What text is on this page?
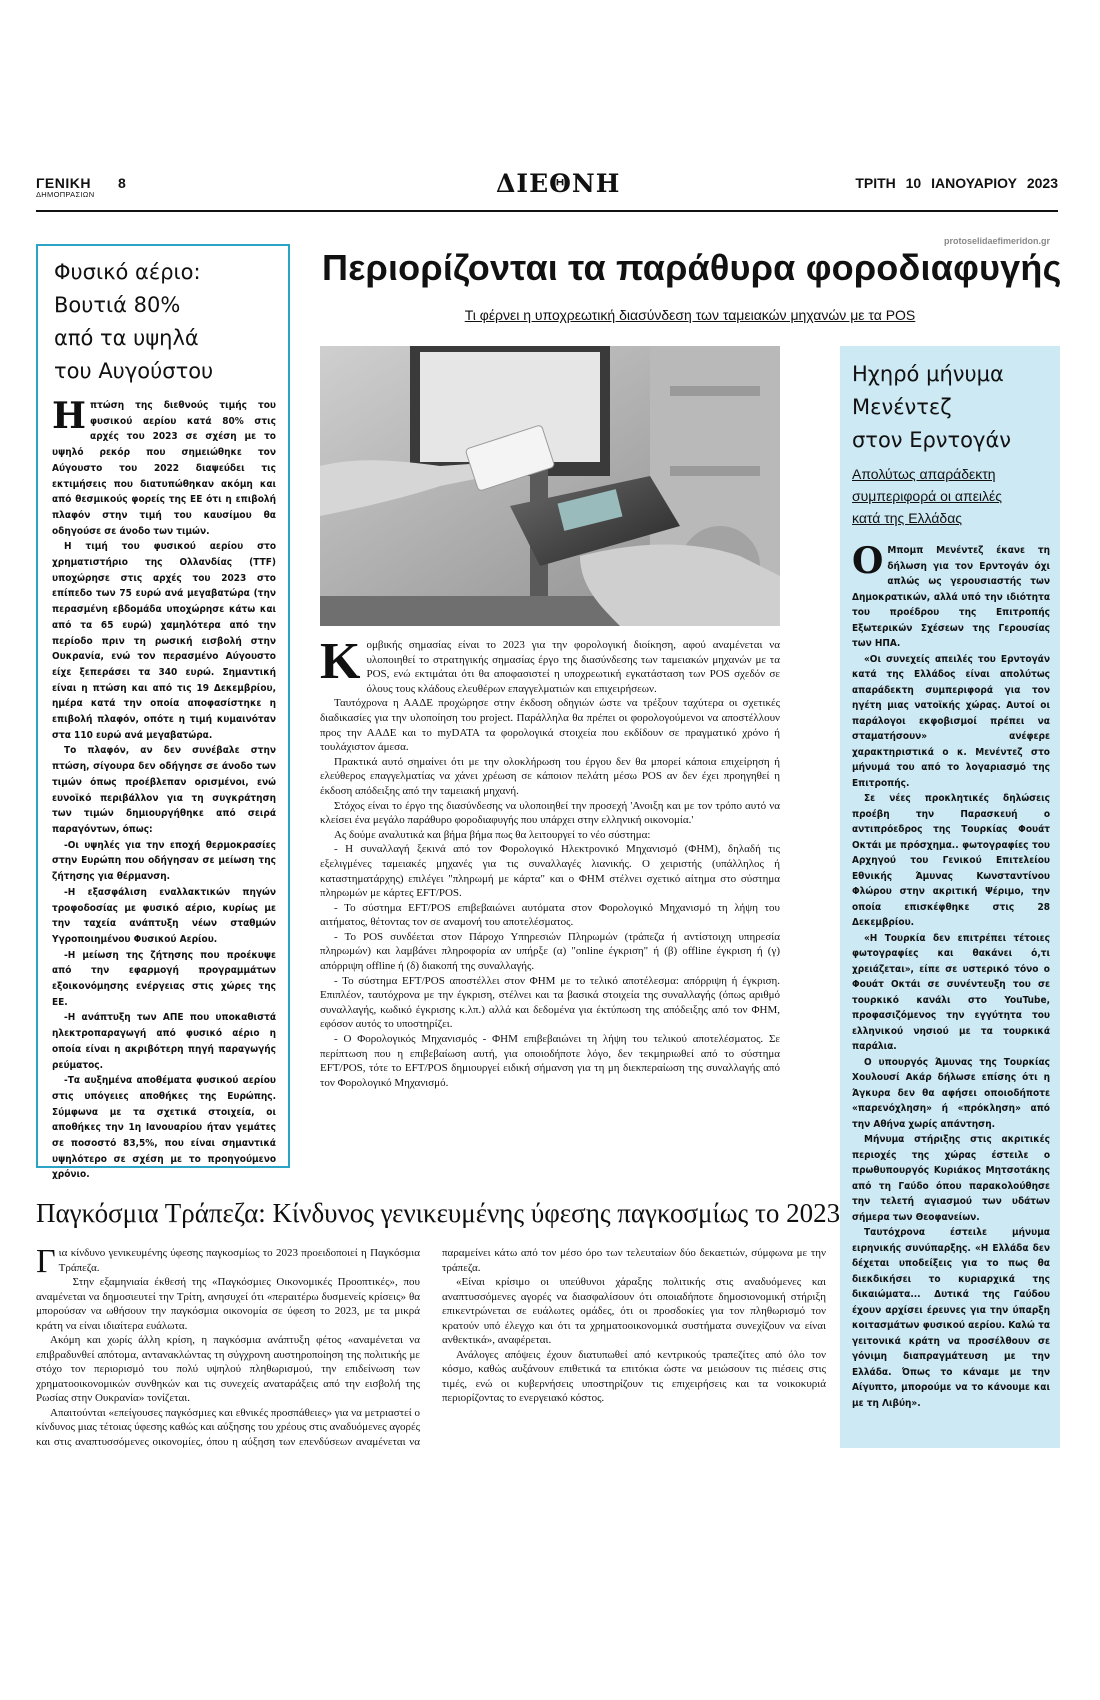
ΓΕΝΙΚΗ
ΔΗΜΟΠΡΑΣΙΩΝ
8	ΔΙΕΘΝΗ	ΤΡΙΤΗ 10 ΙΑΝΟΥΑΡΙΟΥ 2023
Φυσικό αέριο:
Βουτιά 80%
από τα υψηλά
του Αυγούστου

Η πτώση της διεθνούς τιμής του φυσικού αερίου κατά 80% στις αρχές του 2023 σε σχέση με το υψηλό ρεκόρ που σημειώθηκε τον Αύγουστο του 2022 διαψεύδει τις εκτιμήσεις που διατυπώθηκαν ακόμη και από θεσμικούς φορείς της ΕΕ ότι η επιβολή πλαφόν στην τιμή του καυσίμου θα οδηγούσε σε άνοδο των τιμών.

Η τιμή του φυσικού αερίου στο χρηματιστήριο της Ολλανδίας (TTF) υποχώρησε στις αρχές του 2023 στο επίπεδο των 75 ευρώ ανά μεγαβατώρα (την περασμένη εβδομάδα υποχώρησε κάτω και από τα 65 ευρώ) χαμηλότερα από την περίοδο πριν τη ρωσική εισβολή στην Ουκρανία, ενώ τον περασμένο Αύγουστο είχε ξεπεράσει τα 340 ευρώ. Σημαντική είναι η πτώση και από τις 19 Δεκεμβρίου, ημέρα κατά την οποία αποφασίστηκε η επιβολή πλαφόν, οπότε η τιμή κυμαινόταν στα 110 ευρώ ανά μεγαβατώρα.

Το πλαφόν, αν δεν συνέβαλε στην πτώση, σίγουρα δεν οδήγησε σε άνοδο των τιμών όπως προέβλεπαν ορισμένοι, ενώ ευνοϊκό περιβάλλον για τη συγκράτηση των τιμών δημιουργήθηκε από σειρά παραγόντων, όπως:

-Οι υψηλές για την εποχή θερμοκρασίες στην Ευρώπη που οδήγησαν σε μείωση της ζήτησης για θέρμανση.

-Η εξασφάλιση εναλλακτικών πηγών τροφοδοσίας με φυσικό αέριο, κυρίως με την ταχεία ανάπτυξη νέων σταθμών Υγροποιημένου Φυσικού Αερίου.

-Η μείωση της ζήτησης που προέκυψε από την εφαρμογή προγραμμάτων εξοικονόμησης ενέργειας στις χώρες της ΕΕ.

-Η ανάπτυξη των ΑΠΕ που υποκαθιστά ηλεκτροπαραγωγή από φυσικό αέριο η οποία είναι η ακριβότερη πηγή παραγωγής ρεύματος.

-Τα αυξημένα αποθέματα φυσικού αερίου στις υπόγειες αποθήκες της Ευρώπης. Σύμφωνα με τα σχετικά στοιχεία, οι αποθήκες την 1η Ιανουαρίου ήταν γεμάτες σε ποσοστό 83,5%, που είναι σημαντικά υψηλότερο σε σχέση με το προηγούμενο χρόνιο.

Περιορίζονται τα παράθυρα φοροδιαφυγής
protoselidaefimeridon.gr
Τι φέρνει η υποχρεωτική διασύνδεση των ταμειακών μηχανών με τα POS

Κομβικής σημασίας είναι το 2023 για την φορολογική διοίκηση, αφού αναμένεται να υλοποιηθεί το στρατηγικής σημασίας έργο της διασύνδεσης των ταμειακών μηχανών με τα POS, ενώ εκτιμάται ότι θα αποφασιστεί η υποχρεωτική εγκατάσταση των POS σχεδόν σε όλους τους κλάδους ελευθέρων επαγγελματιών και επιχειρήσεων.

Ταυτόχρονα η ΑΑΔΕ προχώρησε στην έκδοση οδηγιών ώστε να τρέξουν ταχύτερα οι σχετικές διαδικασίες για την υλοποίηση του project. Παράλληλα θα πρέπει οι φορολογούμενοι να αποστέλλουν προς την ΑΑΔΕ και το myDATA τα φορολογικά στοιχεία που εκδίδουν σε πραγματικό χρόνο ή τουλάχιστον άμεσα.

Πρακτικά αυτό σημαίνει ότι με την ολοκλήρωση του έργου δεν θα μπορεί κάποια επιχείρηση ή ελεύθερος επαγγελματίας να χάνει χρέωση σε κάποιον πελάτη μέσω POS αν δεν έχει προηγηθεί η έκδοση απόδειξης από την ταμειακή μηχανή.

Στόχος είναι το έργο της διασύνδεσης να υλοποιηθεί την προσεχή 'Ανοιξη και με τον τρόπο αυτό να κλείσει ένα μεγάλο παράθυρο φοροδιαφυγής που υπάρχει στην ελληνική οικονομία.'

Ας δούμε αναλυτικά και βήμα βήμα πως θα λειτουργεί το νέο σύστημα:

- Η συναλλαγή ξεκινά από τον Φορολογικό Ηλεκτρονικό Μηχανισμό (ΦΗΜ), δηλαδή τις εξελιγμένες ταμειακές μηχανές για τις συναλλαγές λιανικής. Ο χειριστής (υπάλληλος ή καταστηματάρχης) επιλέγει "πληρωμή με κάρτα" και ο ΦΗΜ στέλνει σχετικό αίτημα στο σύστημα πληρωμών με κάρτες EFT/POS.

- Το σύστημα EFT/POS επιβεβαιώνει αυτόματα στον Φορολογικό Μηχανισμό τη λήψη του αιτήματος, θέτοντας τον σε αναμονή του αποτελέσματος.

- Το POS συνδέεται στον Πάροχο Υπηρεσιών Πληρωμών (τράπεζα ή αντίστοιχη υπηρεσία πληρωμών) και λαμβάνει πληροφορία αν υπήρξε (α) "online έγκριση" ή (β) offline έγκριση ή (γ) απόρριψη offline ή (δ) διακοπή της συναλλαγής.

- Το σύστημα EFT/POS αποστέλλει στον ΦΗΜ με το τελικό αποτέλεσμα: απόρριψη ή έγκριση. Επιπλέον, ταυτόχρονα με την έγκριση, στέλνει και τα βασικά στοιχεία της συναλλαγής (όπως αριθμό συναλλαγής, κωδικό έγκρισης κ.λπ.) αλλά και δεδομένα για έκτύπωση της απόδειξης από τον ΦΗΜ, εφόσον αυτός το υποστηρίζει.

- Ο Φορολογικός Μηχανισμός - ΦΗΜ επιβεβαιώνει τη λήψη του τελικού αποτελέσματος. Σε περίπτωση που η επιβεβαίωση αυτή, για οποιοδήποτε λόγο, δεν τεκμηριωθεί από το σύστημα EFT/POS, τότε το EFT/POS δημιουργεί ειδική σήμανση για τη μη διεκπεραίωση της συναλλαγής από τον Φορολογικό Μηχανισμό.

Ηχηρό μήνυμα
Μενέντεζ
στον Ερντογάν
Απολύτως απαράδεκτη
συμπεριφορά οι απειλές
κατά της Ελλάδας

Ο Μπομπ Μενέντεζ έκανε τη δήλωση για τον Ερντογάν όχι απλώς ως γερουσιαστής των Δημοκρατικών, αλλά υπό την ιδιότητα του προέδρου της Επιτροπής Εξωτερικών Σχέσεων της Γερουσίας των ΗΠΑ.

«Οι συνεχείς απειλές του Ερντογάν κατά της Ελλάδος είναι απολύτως απαράδεκτη συμπεριφορά για τον ηγέτη μιας νατοϊκής χώρας. Αυτοί οι παράλογοι εκφοβισμοί πρέπει να σταματήσουν» ανέφερε χαρακτηριστικά ο κ. Μενέντεζ στο μήνυμά του από το λογαριασμό της Επιτροπής.

Σε νέες προκλητικές δηλώσεις προέβη την Παρασκευή ο αντιπρόεδρος της Τουρκίας Φουάτ Οκτάι με πρόσχημα.. φωτογραφίες του Αρχηγού του Γενικού Επιτελείου Εθνικής Άμυνας Κωνσταντίνου Φλώρου στην ακριτική Ψέριμο, την οποία επισκέφθηκε στις 28 Δεκεμβρίου.

«Η Τουρκία δεν επιτρέπει τέτοιες φωτογραφίες και θακάνει ό,τι χρειάζεται», είπε σε υστερικό τόνο ο Φουάτ Οκτάι σε συνέντευξη του σε τουρκικό κανάλι στο YouTube, προφασιζόμενος την εγγύτητα του ελληνικού νησιού με τα τουρκικά παράλια.

Ο υπουργός Άμυνας της Τουρκίας Χουλουσί Ακάρ δήλωσε επίσης ότι η Άγκυρα δεν θα αφήσει οποιοδήποτε «παρενόχληση» ή «πρόκληση» από την Αθήνα χωρίς απάντηση.

Μήνυμα στήριξης στις ακριτικές περιοχές της χώρας έστειλε ο πρωθυπουργός Κυριάκος Μητσοτάκης από τη Γαύδο όπου παρακολούθησε την τελετή αγιασμού των υδάτων σήμερα των Θεοφανείων.

Ταυτόχρονα έστειλε μήνυμα ειρηνικής συνύπαρξης. «Η Ελλάδα δεν δέχεται υποδείξεις για το πως θα διεκδικήσει το κυριαρχικά της δικαιώματα... Δυτικά της Γαύδου έχουν αρχίσει έρευνες για την ύπαρξη κοιτασμάτων φυσικού αερίου. Καλώ τα γειτονικά κράτη να προσέλθουν σε γόνιμη διαπραγμάτευση με την Ελλάδα. Όπως το κάναμε με την Αίγυπτο, μπορούμε να το κάνουμε και με τη Λιβύη».

Παγκόσμια Τράπεζα: Κίνδυνος γενικευμένης ύφεσης παγκοσμίως το 2023

Για κίνδυνο γενικευμένης ύφεσης παγκοσμίως το 2023 προειδοποιεί η Παγκόσμια Τράπεζα.

Στην εξαμηνιαία έκθεσή της «Παγκόσμιες Οικονομικές Προοπτικές», που αναμένεται να δημοσιευτεί την Τρίτη, ανησυχεί ότι «περαιτέρω δυσμενείς κρίσεις» θα μπορούσαν να ωθήσουν την παγκόσμια οικονομία σε ύφεση το 2023, με τα μικρά κράτη να είναι ιδιαίτερα ευάλωτα.

Ακόμη και χωρίς άλλη κρίση, η παγκόσμια ανάπτυξη φέτος «αναμένεται να επιβραδυνθεί απότομα, αντανακλώντας τη σύγχρονη αυστηροποίηση της πολιτικής με στόχο τον περιορισμό του πολύ υψηλού πληθωρισμού, την επιδείνωση των χρηματοοικονομικών συνθηκών και τις συνεχείς αναταράξεις από την εισβολή της Ρωσίας στην Ουκρανία» τονίζεται.

Απαιτούνται «επείγουσες παγκόσμιες και εθνικές προσπάθειες» για να μετριαστεί ο κίνδυνος μιας τέτοιας ύφεσης καθώς και αύξησης του χρέους στις αναδυόμενες αγορές και στις αναπτυσσόμενες οικονομίες, όπου η αύξηση των επενδύσεων αναμένεται να παραμείνει κάτω από τον μέσο όρο των τελευταίων δύο δεκαετιών, σύμφωνα με την τράπεζα.

«Είναι κρίσιμο οι υπεύθυνοι χάραξης πολιτικής στις αναδυόμενες και αναπτυσσόμενες αγορές να διασφαλίσουν ότι οποιαδήποτε δημοσιονομική στήριξη επικεντρώνεται σε ευάλωτες ομάδες, ότι οι προσδοκίες για τον πληθωρισμό τον κρατούν υπό έλεγχο και ότι τα χρηματοοικονομικά συστήματα συνεχίζουν να είναι ανθεκτικά», αναφέρεται.

Ανάλογες απόψεις έχουν διατυπωθεί από κεντρικούς τραπεζίτες από όλο τον κόσμο, καθώς αυξάνουν επιθετικά τα επιτόκια ώστε να μειώσουν τις πιέσεις στις τιμές, ενώ οι κυβερνήσεις υποστηρίζουν τις επιχειρήσεις και τα νοικοκυριά περιορίζοντας το ενεργειακό κόστος.
